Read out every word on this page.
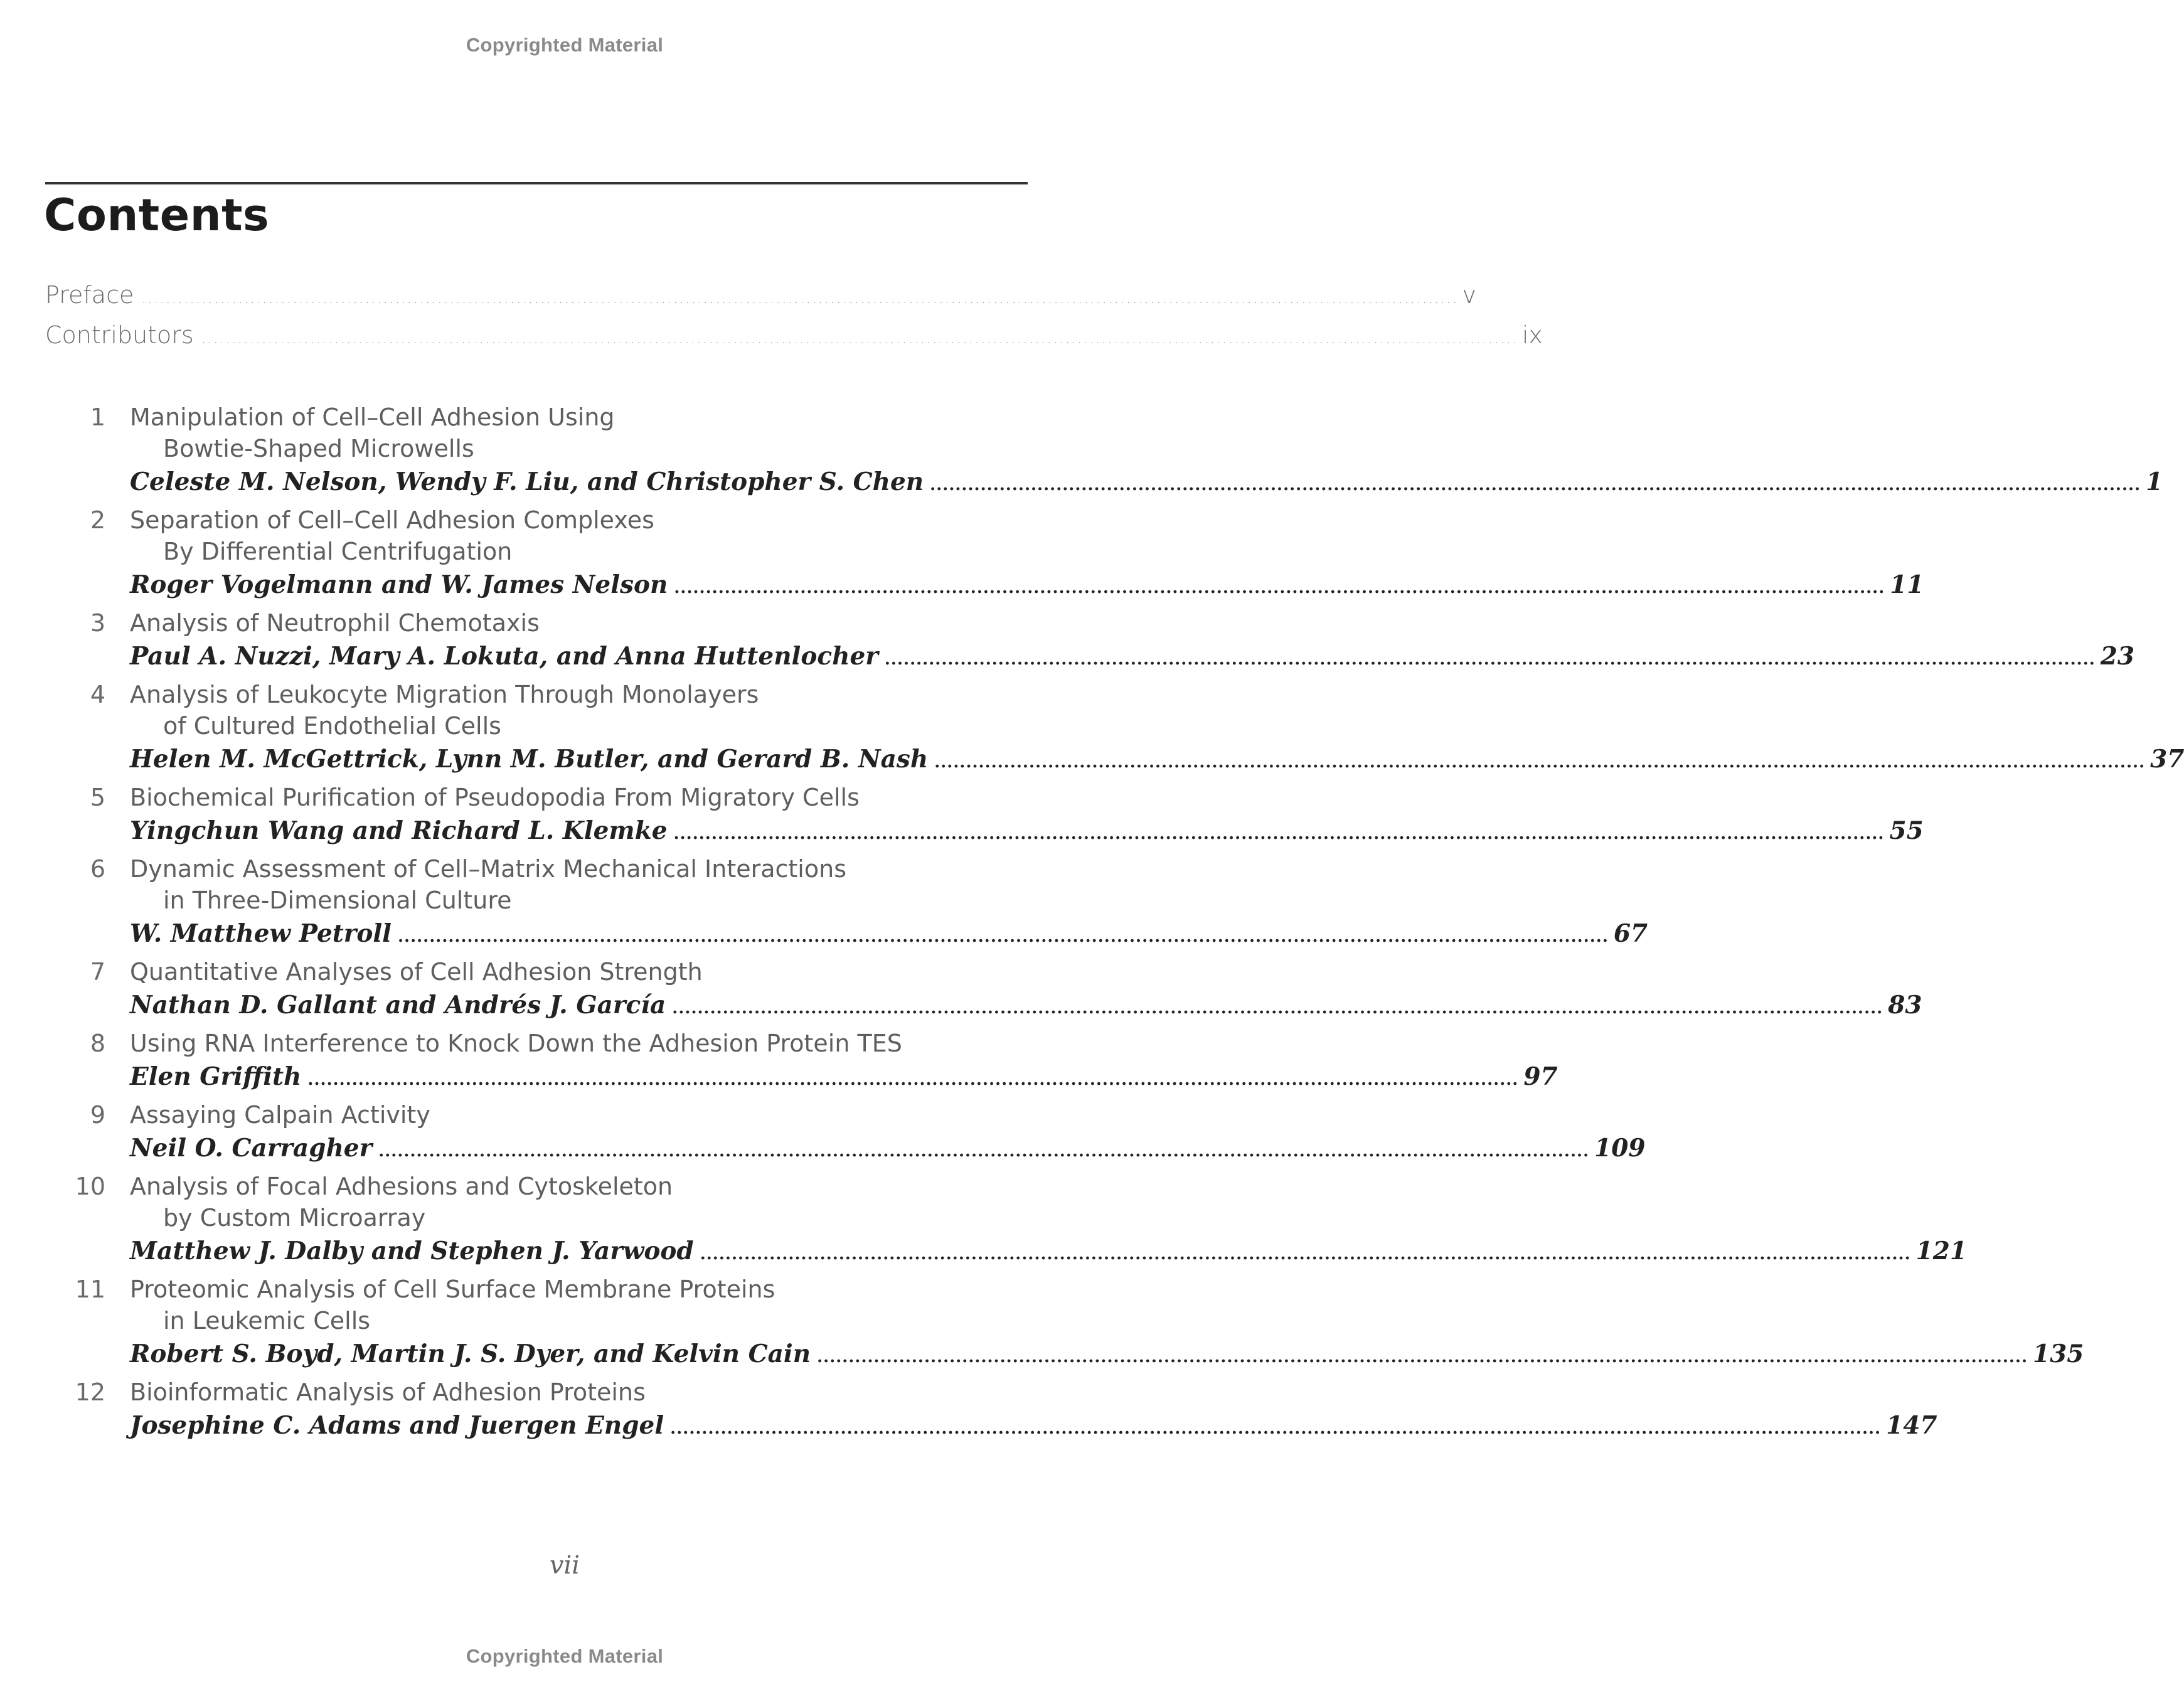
Copyrighted Material
Contents
Preface .......................................................................................................................................................................................................................... v
Contributors .......................................................................................................................................................................................................................... ix
1 Manipulation of Cell–Cell Adhesion Using
Bowtie-Shaped Microwells
Celeste M. Nelson, Wendy F. Liu, and Christopher S. Chen ................................................................................................................................................................................................ 1
2 Separation of Cell–Cell Adhesion Complexes
By Differential Centrifugation
Roger Vogelmann and W. James Nelson ................................................................................................................................................................................................ 11
3 Analysis of Neutrophil Chemotaxis
Paul A. Nuzzi, Mary A. Lokuta, and Anna Huttenlocher ................................................................................................................................................................................................ 23
4 Analysis of Leukocyte Migration Through Monolayers
of Cultured Endothelial Cells
Helen M. McGettrick, Lynn M. Butler, and Gerard B. Nash ................................................................................................................................................................................................ 37
5 Biochemical Purification of Pseudopodia From Migratory Cells
Yingchun Wang and Richard L. Klemke ................................................................................................................................................................................................ 55
6 Dynamic Assessment of Cell–Matrix Mechanical Interactions
in Three-Dimensional Culture
W. Matthew Petroll ................................................................................................................................................................................................ 67
7 Quantitative Analyses of Cell Adhesion Strength
Nathan D. Gallant and Andrés J. García ................................................................................................................................................................................................ 83
8 Using RNA Interference to Knock Down the Adhesion Protein TES
Elen Griffith ................................................................................................................................................................................................ 97
9 Assaying Calpain Activity
Neil O. Carragher ................................................................................................................................................................................................ 109
10 Analysis of Focal Adhesions and Cytoskeleton
by Custom Microarray
Matthew J. Dalby and Stephen J. Yarwood ................................................................................................................................................................................................ 121
11 Proteomic Analysis of Cell Surface Membrane Proteins
in Leukemic Cells
Robert S. Boyd, Martin J. S. Dyer, and Kelvin Cain ................................................................................................................................................................................................ 135
12 Bioinformatic Analysis of Adhesion Proteins
Josephine C. Adams and Juergen Engel ................................................................................................................................................................................................ 147
vii
Copyrighted Material
